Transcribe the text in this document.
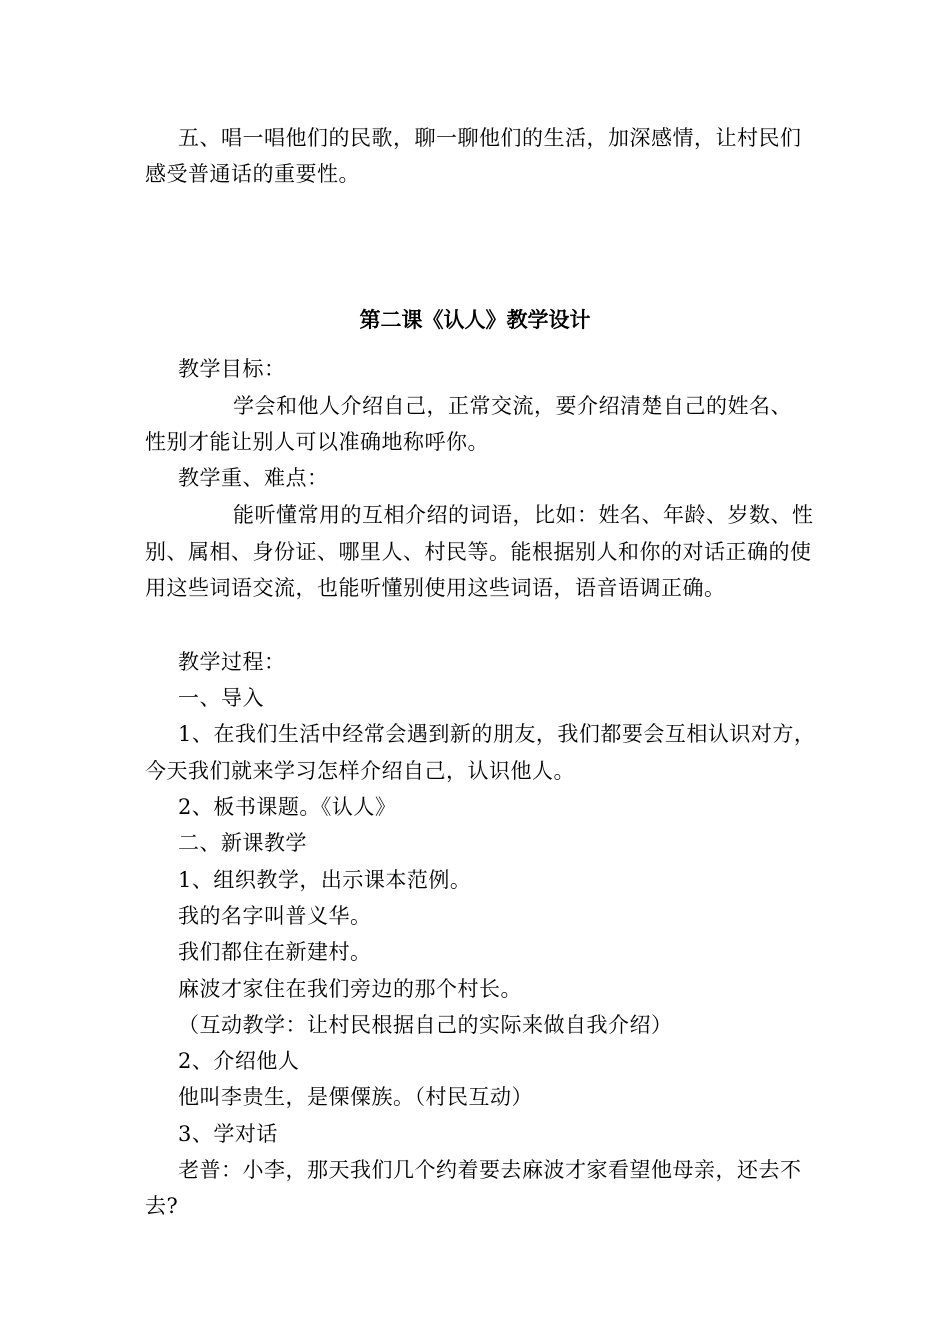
五、唱一唱他们的民歌，聊一聊他们的生活，加深感情，让村民们
感受普通话的重要性。
第二课《认人》教学设计
教学目标：
学会和他人介绍自己，正常交流，要介绍清楚自己的姓名、
性别才能让别人可以准确地称呼你。
教学重、难点：
能听懂常用的互相介绍的词语，比如：姓名、年龄、岁数、性
别、属相、身份证、哪里人、村民等。能根据别人和你的对话正确的使
用这些词语交流，也能听懂别使用这些词语，语音语调正确。
教学过程：
一、导入
1、在我们生活中经常会遇到新的朋友，我们都要会互相认识对方，
今天我们就来学习怎样介绍自己，认识他人。
2、板书课题。《认人》
二、新课教学
1、组织教学，出示课本范例。
我的名字叫普义华。
我们都住在新建村。
麻波才家住在我们旁边的那个村长。
（互动教学：让村民根据自己的实际来做自我介绍）
2、介绍他人
他叫李贵生，是傈僳族。（村民互动）
3、学对话
老普：小李，那天我们几个约着要去麻波才家看望他母亲，还去不
去?
